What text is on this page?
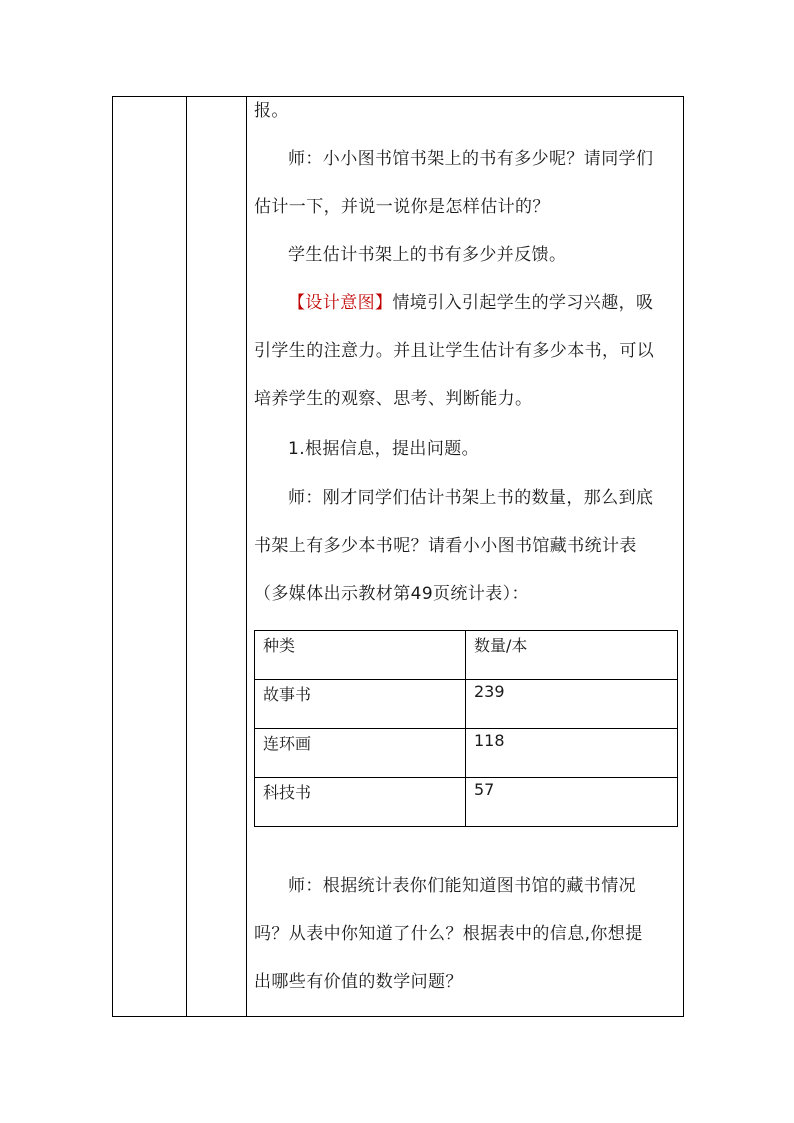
报。
师：小小图书馆书架上的书有多少呢？请同学们
估计一下，并说一说你是怎样估计的？
学生估计书架上的书有多少并反馈。
【设计意图】情境引入引起学生的学习兴趣，吸
引学生的注意力。并且让学生估计有多少本书，可以
培养学生的观察、思考、判断能力。
1.根据信息，提出问题。
师：刚才同学们估计书架上书的数量，那么到底
书架上有多少本书呢？请看小小图书馆藏书统计表
（多媒体出示教材第49页统计表）：
师：根据统计表你们能知道图书馆的藏书情况
吗？从表中你知道了什么？根据表中的信息,你想提
出哪些有价值的数学问题？
种类	数量/本
故事书	239
连环画	118
科技书	57
